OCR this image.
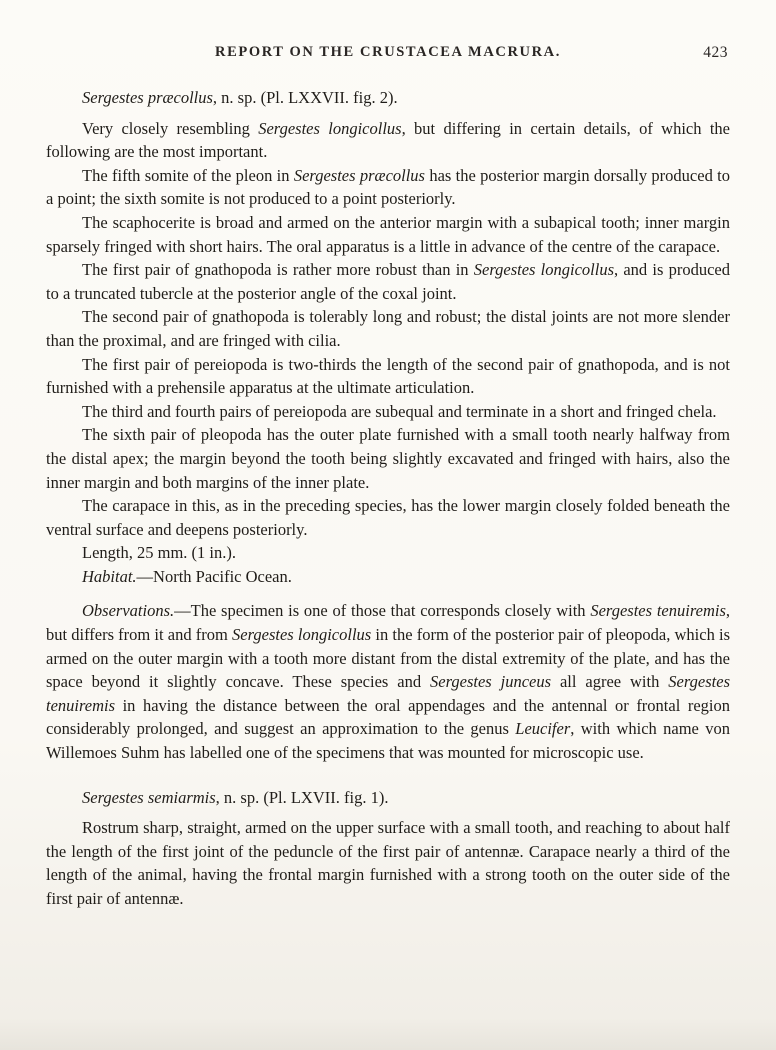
REPORT ON THE CRUSTACEA MACRURA.	423

Sergestes præcollus, n. sp. (Pl. LXXVII. fig. 2).

Very closely resembling Sergestes longicollus, but differing in certain details, of which the following are the most important.

The fifth somite of the pleon in Sergestes præcollus has the posterior margin dorsally produced to a point; the sixth somite is not produced to a point posteriorly.

The scaphocerite is broad and armed on the anterior margin with a subapical tooth; inner margin sparsely fringed with short hairs. The oral apparatus is a little in advance of the centre of the carapace.

The first pair of gnathopoda is rather more robust than in Sergestes longicollus, and is produced to a truncated tubercle at the posterior angle of the coxal joint.

The second pair of gnathopoda is tolerably long and robust; the distal joints are not more slender than the proximal, and are fringed with cilia.

The first pair of pereiopoda is two-thirds the length of the second pair of gnathopoda, and is not furnished with a prehensile apparatus at the ultimate articulation.

The third and fourth pairs of pereiopoda are subequal and terminate in a short and fringed chela.

The sixth pair of pleopoda has the outer plate furnished with a small tooth nearly halfway from the distal apex; the margin beyond the tooth being slightly excavated and fringed with hairs, also the inner margin and both margins of the inner plate.

The carapace in this, as in the preceding species, has the lower margin closely folded beneath the ventral surface and deepens posteriorly.

Length, 25 mm. (1 in.).

Habitat.—North Pacific Ocean.

Observations.—The specimen is one of those that corresponds closely with Sergestes tenuiremis, but differs from it and from Sergestes longicollus in the form of the posterior pair of pleopoda, which is armed on the outer margin with a tooth more distant from the distal extremity of the plate, and has the space beyond it slightly concave. These species and Sergestes junceus all agree with Sergestes tenuiremis in having the distance between the oral appendages and the antennal or frontal region considerably prolonged, and suggest an approximation to the genus Leucifer, with which name von Willemoes Suhm has labelled one of the specimens that was mounted for microscopic use.

Sergestes semiarmis, n. sp. (Pl. LXVII. fig. 1).

Rostrum sharp, straight, armed on the upper surface with a small tooth, and reaching to about half the length of the first joint of the peduncle of the first pair of antennæ. Carapace nearly a third of the length of the animal, having the frontal margin furnished with a strong tooth on the outer side of the first pair of antennæ.
